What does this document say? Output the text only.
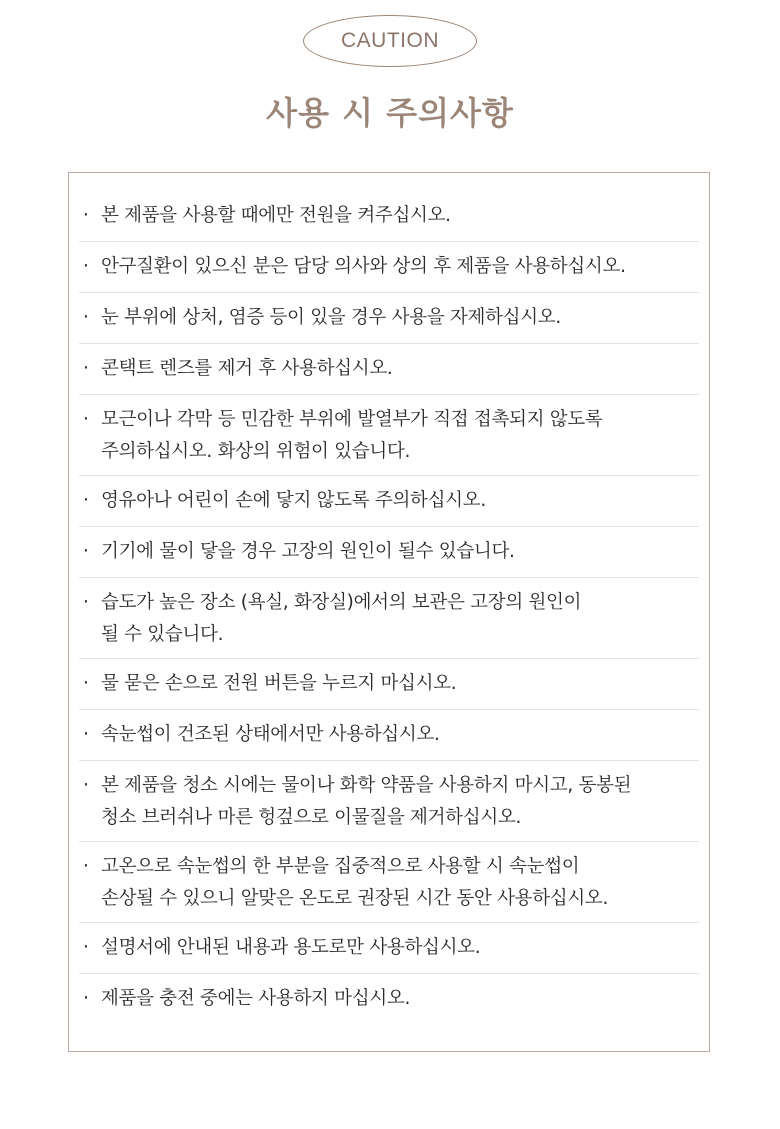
CAUTION
사용 시 주의사항
· 본 제품을 사용할 때에만 전원을 켜주십시오.
· 안구질환이 있으신 분은 담당 의사와 상의 후 제품을 사용하십시오.
· 눈 부위에 상처, 염증 등이 있을 경우 사용을 자제하십시오.
· 콘택트 렌즈를 제거 후 사용하십시오.
· 모근이나 각막 등 민감한 부위에 발열부가 직접 접촉되지 않도록
주의하십시오. 화상의 위험이 있습니다.
· 영유아나 어린이 손에 닿지 않도록 주의하십시오.
· 기기에 물이 닿을 경우 고장의 원인이 될수 있습니다.
· 습도가 높은 장소 (욕실, 화장실)에서의 보관은 고장의 원인이
될 수 있습니다.
· 물 묻은 손으로 전원 버튼을 누르지 마십시오.
· 속눈썹이 건조된 상태에서만 사용하십시오.
· 본 제품을 청소 시에는 물이나 화학 약품을 사용하지 마시고, 동봉된
청소 브러쉬나 마른 헝겊으로 이물질을 제거하십시오.
· 고온으로 속눈썹의 한 부분을 집중적으로 사용할 시 속눈썹이
손상될 수 있으니 알맞은 온도로 권장된 시간 동안 사용하십시오.
· 설명서에 안내된 내용과 용도로만 사용하십시오.
· 제품을 충전 중에는 사용하지 마십시오.
